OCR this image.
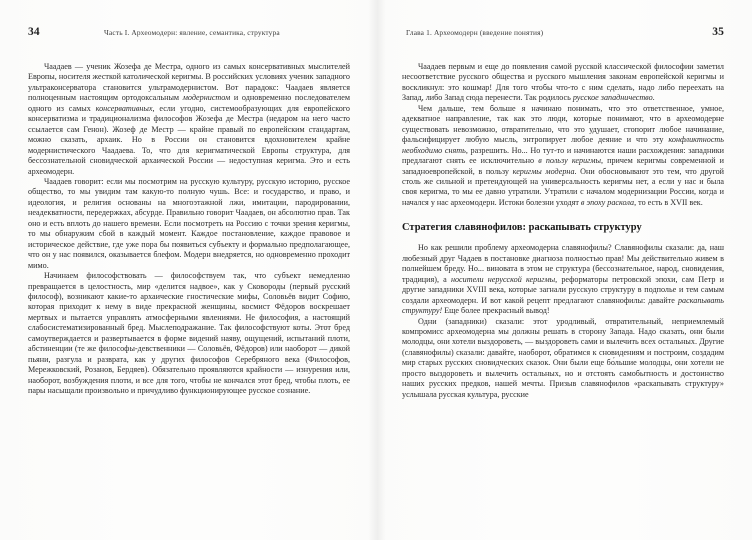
34	Часть I. Археомодерн: явление, семантика, структура

Чаадаев — ученик Жозефа де Местра, одного из самых консервативных мыслителей Европы, носителя жесткой католической керигмы. В российских условиях ученик западного ультраконсерватора становится ультрамодернистом. Вот парадокс: Чаадаев является полноценным настоящим ортодоксальным модернистом и одновременно последователем одного из самых консервативных, если угодно, системообразующих для европейского консерватизма и традиционализма философов Жозефа де Местра (недаром на него часто ссылается сам Генон). Жозеф де Местр — крайне правый по европейским стандартам, можно сказать, архаик. Но в России он становится вдохновителем крайне модернистического Чаадаева. То, что для керигматической Европы структура, для бессознательной сновидческой архаической России — недоступная керигма. Это и есть археомодерн.

Чаадаев говорит: если мы посмотрим на русскую культуру, русскую историю, русское общество, то мы увидим там какую-то полную чушь. Все: и государство, и право, и идеология, и религия основаны на многоэтажной лжи, имитации, пародировании, неадекватности, передержках, абсурде. Правильно говорит Чаадаев, он абсолютно прав. Так оно и есть вплоть до нашего времени. Если посмотреть на Россию с точки зрения керигмы, то мы обнаружим сбой в каждый момент. Каждое постановление, каждое правовое и историческое действие, где уже пора бы появиться субъекту и формально предполагающее, что он у нас появился, оказывается блефом. Модерн внедряется, но одновременно проходит мимо.

Начинаем философствовать — философствуем так, что субъект немедленно превращается в целостность, мир «делится надвое», как у Сковороды (первый русский философ), возникают какие-то архаические гностические мифы, Соловьёв видит Софию, которая приходит к нему в виде прекрасной женщины, космист Фёдоров воскрешает мертвых и пытается управлять атмосферными явлениями. Не философия, а настоящий слабосистематизированный бред. Мыслеподражание. Так философствуют коты. Этот бред самоутверждается и развертывается в форме видений наяву, ощущений, испытаний плоти, абстиненции (те же философы-девственники — Соловьёв, Фёдоров) или наоборот — дикой пьяни, разгула и разврата, как у других философов Серебряного века (Философов, Мережковский, Розанов, Бердяев). Обязательно проявляются крайности — изнурения или, наоборот, возбуждения плоти, и все для того, чтобы не кончался этот бред, чтобы плоть, ее пары насыщали произвольно и причудливо функционирующее русское сознание.

Глава 1. Археомодерн (введение понятия)	35

Чаадаев первым и еще до появления самой русской классической философии заметил несоответствие русского общества и русского мышления законам европейской керигмы и воскликнул: это кошмар! Для того чтобы что-то с ним сделать, надо либо переехать на Запад, либо Запад сюда перенести. Так родилось русское западничество.

Чем дальше, тем больше я начинаю понимать, что это ответственное, умное, адекватное направление, так как это люди, которые понимают, что в археомодерне существовать невозможно, отвратительно, что это удушает, стопорит любое начинание, фальсифицирует любую мысль, энтропирует любое деяние и что эту конфликтность необходимо снять, разрешить. Но... Но тут-то и начинаются наши расхождения: западники предлагают снять ее исключительно в пользу керигмы, причем керигмы современной и западноевропейской, в пользу керигмы модерна. Они обосновывают это тем, что другой столь же сильной и претендующей на универсальность керигмы нет, а если у нас и была своя керигма, то мы ее давно утратили. Утратили с началом модернизации России, когда и начался у нас археомодерн. Истоки болезни уходят в эпоху раскола, то есть в XVII век.

Стратегия славянофилов: раскапывать структуру

Но как решили проблему археомодерна славянофилы? Славянофилы сказали: да, наш любезный друг Чадаев в постановке диагноза полностью прав! Мы действительно живем в полнейшем бреду. Но... виновата в этом не структура (бессознательное, народ, сновидения, традиция), а носители нерусской керигмы, реформаторы петровской эпохи, сам Петр и другие западники XVIII века, которые загнали русскую структуру в подполье и тем самым создали археомодерн. И вот какой рецепт предлагают славянофилы: давайте раскапывать структуру! Еще более прекрасный вывод!

Одни (западники) сказали: этот уродливый, отвратительный, неприемлемый компромисс археомодерна мы должны решать в сторону Запада. Надо сказать, они были молодцы, они хотели выздороветь, — выздороветь сами и вылечить всех остальных. Другие (славянофилы) сказали: давайте, наоборот, обратимся к сновидениям и построим, создадим мир старых русских сновидческих сказок. Они были еще бо́льшие молодцы, они хотели не просто выздороветь и вылечить остальных, но и отстоять самобытность и достоинство наших русских предков, нашей мечты. Призыв славянофилов «раскапывать структуру» услышала русская культура, русские
